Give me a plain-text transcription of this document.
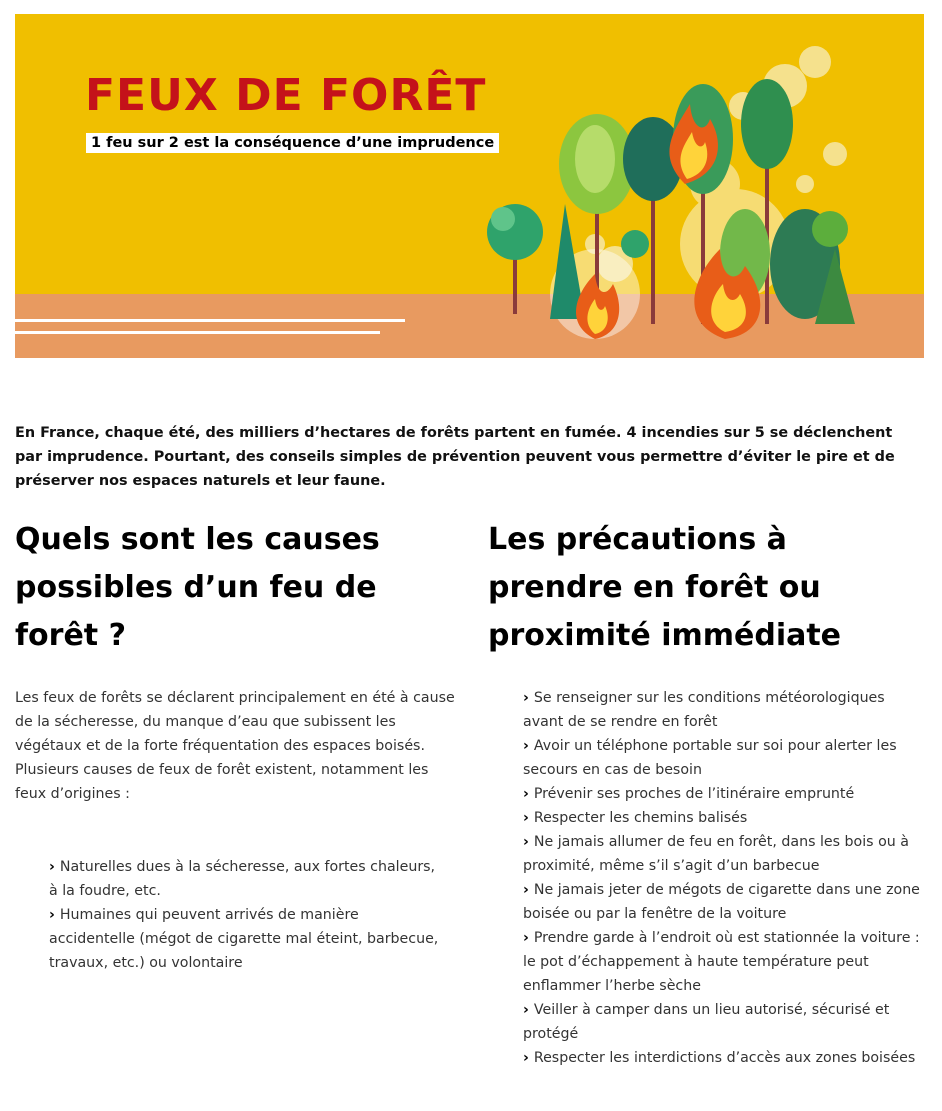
FEUX DE FORÊT
1 feu sur 2 est la conséquence d’une imprudence

En France, chaque été, des milliers d’hectares de forêts partent en fumée. 4 incendies sur 5 se déclenchent par imprudence. Pourtant, des conseils simples de prévention peuvent vous permettre d’éviter le pire et de préserver nos espaces naturels et leur faune.

Quels sont les causes possibles d’un feu de forêt ?
Les précautions à prendre en forêt ou proximité immédiate
Les feux de forêts se déclarent principalement en été à cause de la sécheresse, du manque d’eau que subissent les végétaux et de la forte fréquentation des espaces boisés.
Plusieurs causes de feux de forêt existent, notamment les feux d’origines :
› Naturelles dues à la sécheresse, aux fortes chaleurs, à la foudre, etc.
› Humaines qui peuvent arrivés de manière accidentelle (mégot de cigarette mal éteint, barbecue, travaux, etc.) ou volontaire
› Se renseigner sur les conditions météorologiques avant de se rendre en forêt
› Avoir un téléphone portable sur soi pour alerter les secours en cas de besoin
› Prévenir ses proches de l’itinéraire emprunté
› Respecter les chemins balisés
› Ne jamais allumer de feu en forêt, dans les bois ou à proximité, même s’il s’agit d’un barbecue
› Ne jamais jeter de mégots de cigarette dans une zone boisée ou par la fenêtre de la voiture
› Prendre garde à l’endroit où est stationnée la voiture : le pot d’échappement à haute température peut enflammer l’herbe sèche
› Veiller à camper dans un lieu autorisé, sécurisé et protégé
› Respecter les interdictions d’accès aux zones boisées
